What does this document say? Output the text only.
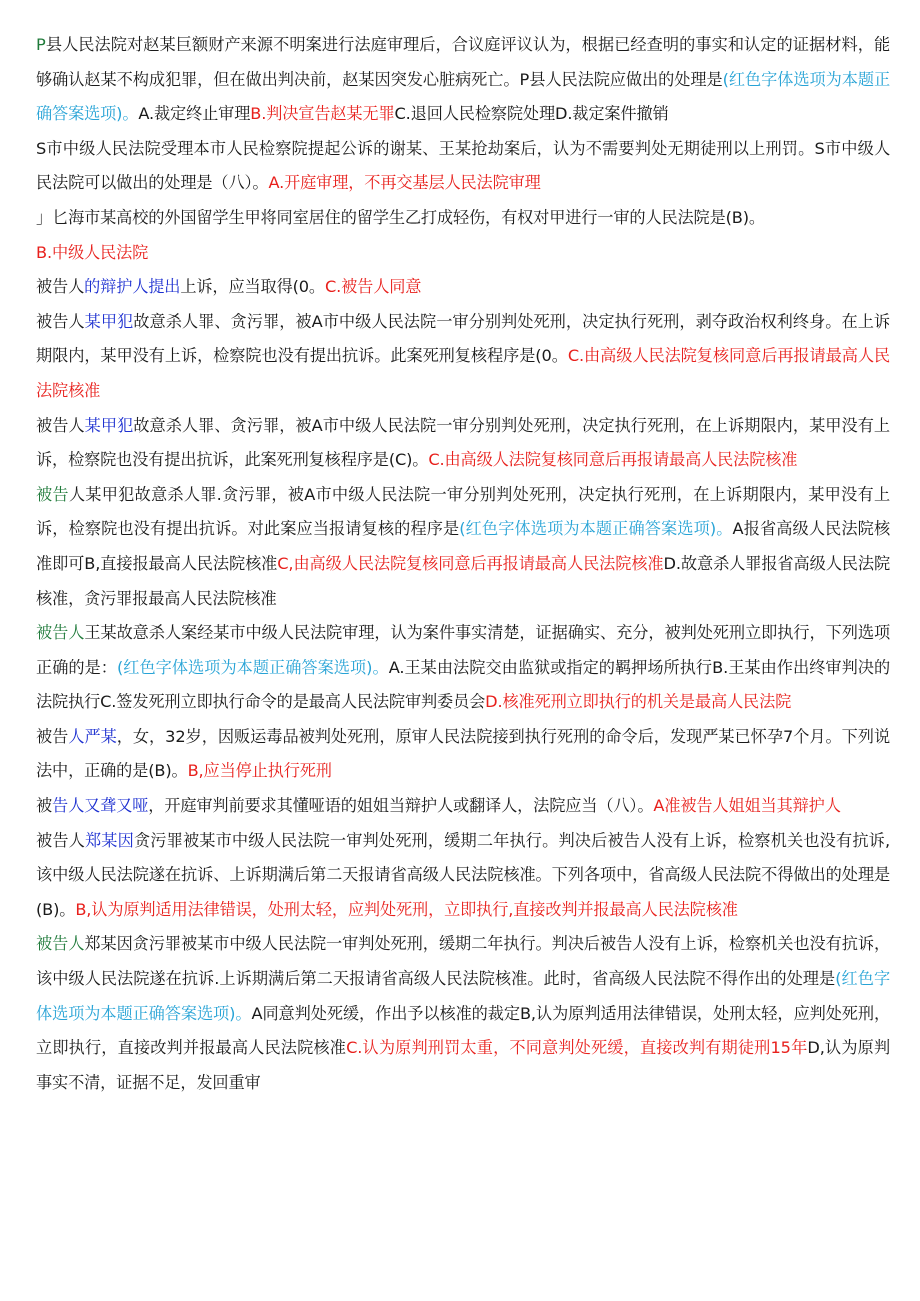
P县人民法院对赵某巨额财产来源不明案进行法庭审理后，合议庭评议认为，根据已经查明的事实和认定的证据材料，能够确认赵某不构成犯罪，但在做出判决前，赵某因突发心脏病死亡。P县人民法院应做出的处理是(红色字体选项为本题正确答案选项)。A.裁定终止审理B.判决宣告赵某无罪C.退回人民检察院处理D.裁定案件撤销

S市中级人民法院受理本市人民检察院提起公诉的谢某、王某抢劫案后，认为不需要判处无期徒刑以上刑罚。S市中级人民法院可以做出的处理是（八）。A.开庭审理，不再交基层人民法院审理

」匕海市某高校的外国留学生甲将同室居住的留学生乙打成轻伤，有权对甲进行一审的人民法院是(B)。

B.中级人民法院

被告人的辩护人提出上诉，应当取得(0。C.被告人同意

被告人某甲犯故意杀人罪、贪污罪，被A市中级人民法院一审分别判处死刑，决定执行死刑，剥夺政治权利终身。在上诉期限内，某甲没有上诉，检察院也没有提出抗诉。此案死刑复核程序是(0。C.由高级人民法院复核同意后再报请最高人民法院核准

被告人某甲犯故意杀人罪、贪污罪，被A市中级人民法院一审分别判处死刑，决定执行死刑，在上诉期限内，某甲没有上诉，检察院也没有提出抗诉，此案死刑复核程序是(C)。C.由高级人法院复核同意后再报请最高人民法院核准

被告人某甲犯故意杀人罪.贪污罪，被A市中级人民法院一审分别判处死刑，决定执行死刑，在上诉期限内，某甲没有上诉，检察院也没有提出抗诉。对此案应当报请复核的程序是(红色字体选项为本题正确答案选项)。A报省高级人民法院核准即可B,直接报最高人民法院核准C,由高级人民法院复核同意后再报请最高人民法院核准D.故意杀人罪报省高级人民法院核准，贪污罪报最高人民法院核准

被告人王某故意杀人案经某市中级人民法院审理，认为案件事实清楚，证据确实、充分，被判处死刑立即执行，下列选项正确的是：(红色字体选项为本题正确答案选项)。A.王某由法院交由监狱或指定的羁押场所执行B.王某由作出终审判决的法院执行C.签发死刑立即执行命令的是最高人民法院审判委员会D.核准死刑立即执行的机关是最高人民法院

被告人严某，女，32岁，因贩运毒品被判处死刑，原审人民法院接到执行死刑的命令后，发现严某已怀孕7个月。下列说法中，正确的是(B)。B,应当停止执行死刑

被告人又聋又哑，开庭审判前要求其懂哑语的姐姐当辩护人或翻译人，法院应当（八）。A准被告人姐姐当其辩护人

被告人郑某因贪污罪被某市中级人民法院一审判处死刑，缓期二年执行。判决后被告人没有上诉，检察机关也没有抗诉,该中级人民法院遂在抗诉、上诉期满后第二天报请省高级人民法院核准。下列各项中，省高级人民法院不得做出的处理是(B)。B,认为原判适用法律错误，处刑太轻，应判处死刑，立即执行,直接改判并报最高人民法院核准

被告人郑某因贪污罪被某市中级人民法院一审判处死刑，缓期二年执行。判决后被告人没有上诉，检察机关也没有抗诉，该中级人民法院遂在抗诉.上诉期满后第二天报请省高级人民法院核准。此时，省高级人民法院不得作出的处理是(红色字体选项为本题正确答案选项)。A同意判处死缓，作出予以核准的裁定B,认为原判适用法律错误，处刑太轻，应判处死刑，立即执行，直接改判并报最高人民法院核准C.认为原判刑罚太重，不同意判处死缓，直接改判有期徒刑15年D,认为原判事实不清，证据不足，发回重审
